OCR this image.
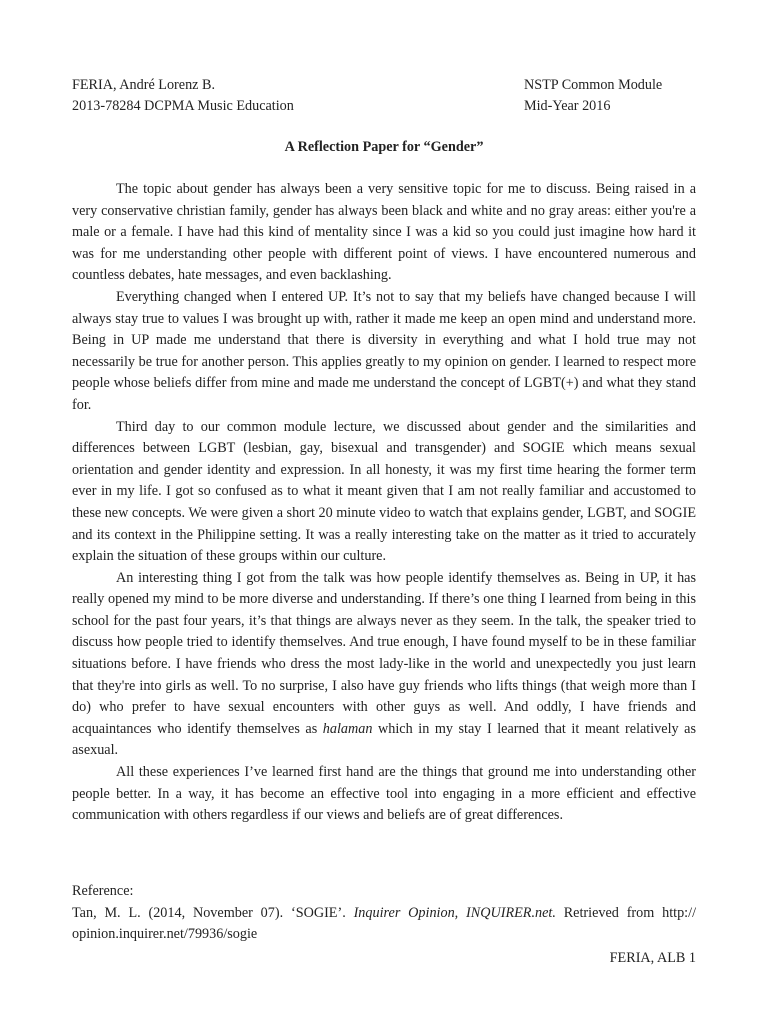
FERIA, André Lorenz B.	NSTP Common Module
2013-78284 DCPMA Music Education	Mid-Year 2016
A Reflection Paper for “Gender”

The topic about gender has always been a very sensitive topic for me to discuss. Being raised in a very conservative christian family, gender has always been black and white and no gray areas: either you're a male or a female. I have had this kind of mentality since I was a kid so you could just imagine how hard it was for me understanding other people with different point of views. I have encountered numerous and countless debates, hate messages, and even backlashing.

Everything changed when I entered UP. It’s not to say that my beliefs have changed because I will always stay true to values I was brought up with, rather it made me keep an open mind and understand more. Being in UP made me understand that there is diversity in everything and what I hold true may not necessarily be true for another person. This applies greatly to my opinion on gender. I learned to respect more people whose beliefs differ from mine and made me understand the concept of LGBT(+) and what they stand for.

Third day to our common module lecture, we discussed about gender and the similarities and differences between LGBT (lesbian, gay, bisexual and transgender) and SOGIE which means sexual orientation and gender identity and expression. In all honesty, it was my first time hearing the former term ever in my life. I got so confused as to what it meant given that I am not really familiar and accustomed to these new concepts. We were given a short 20 minute video to watch that explains gender, LGBT, and SOGIE and its context in the Philippine setting. It was a really interesting take on the matter as it tried to accurately explain the situation of these groups within our culture.

An interesting thing I got from the talk was how people identify themselves as. Being in UP, it has really opened my mind to be more diverse and understanding. If there’s one thing I learned from being in this school for the past four years, it’s that things are always never as they seem. In the talk, the speaker tried to discuss how people tried to identify themselves. And true enough, I have found myself to be in these familiar situations before. I have friends who dress the most lady-like in the world and unexpectedly you just learn that they're into girls as well. To no surprise, I also have guy friends who lifts things (that weigh more than I do) who prefer to have sexual encounters with other guys as well. And oddly, I have friends and acquaintances who identify themselves as halaman which in my stay I learned that it meant relatively as asexual.

All these experiences I’ve learned first hand are the things that ground me into understanding other people better. In a way, it has become an effective tool into engaging in a more efficient and effective communication with others regardless if our views and beliefs are of great differences.

Reference:
Tan, M. L. (2014, November 07). ‘SOGIE’. Inquirer Opinion, INQUIRER.net. Retrieved from http:// opinion.inquirer.net/79936/sogie
FERIA, ALB 1
